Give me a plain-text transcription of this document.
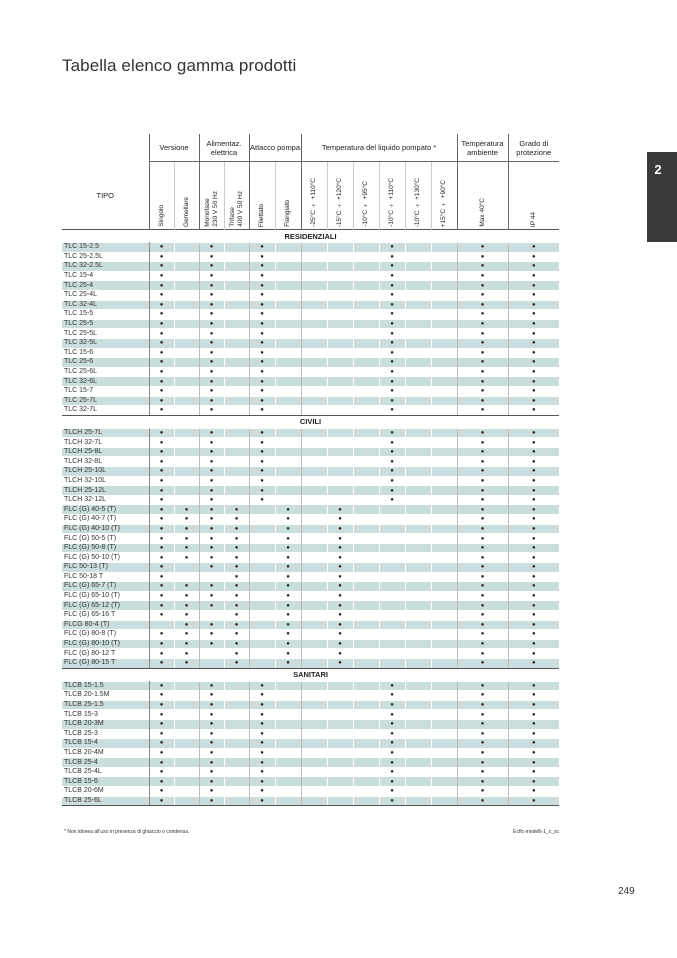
Tabella elenco gamma prodotti
2
	Versione		Alimentaz. elettrica		Attacco pompa		Temperatura del liquido pompato *						Temperatura ambiente	Grado di protezione
TIPO	Singolo	Gemellare	Monofase
230 V 50 Hz	Trifase
400 V 50 Hz	Filettato	Flangiato	-25°C ÷ +110°C	-15°C ÷ +120°C	-10°C ÷ +95°C	-10°C ÷ +110°C	-10°C ÷ +130°C	+15°C ÷ +90°C	Max 40°C	IP 44

RESIDENZIALI														
TLC 15-2.5	●		●		●					●			●	●
TLC 25-2.5L	●		●		●					●			●	●
TLC 32-2.5L	●		●		●					●			●	●
TLC 15-4	●		●		●					●			●	●
TLC 25-4	●		●		●					●			●	●
TLC 25-4L	●		●		●					●			●	●
TLC 32-4L	●		●		●					●			●	●
TLC 15-5	●		●		●					●			●	●
TLC 25-5	●		●		●					●			●	●
TLC 25-5L	●		●		●					●			●	●
TLC 32-5L	●		●		●					●			●	●
TLC 15-6	●		●		●					●			●	●
TLC 25-6	●		●		●					●			●	●
TLC 25-6L	●		●		●					●			●	●
TLC 32-6L	●		●		●					●			●	●
TLC 15-7	●		●		●					●			●	●
TLC 25-7L	●		●		●					●			●	●
TLC 32-7L	●		●		●					●			●	●
CIVILI														
TLCH 25-7L	●		●		●					●			●	●
TLCH 32-7L	●		●		●					●			●	●
TLCH 25-8L	●		●		●					●			●	●
TLCH 32-8L	●		●		●					●			●	●
TLCH 25-10L	●		●		●					●			●	●
TLCH 32-10L	●		●		●					●			●	●
TLCH 25-12L	●		●		●					●			●	●
TLCH 32-12L	●		●		●					●			●	●
FLC (G) 40-5 (T)	●	●	●	●		●		●					●	●
FLC (G) 40-7 (T)	●	●	●	●		●		●					●	●
FLC (G) 40-10 (T)	●	●	●	●		●		●					●	●
FLC (G) 50-5 (T)	●	●	●	●		●		●					●	●
FLC (G) 50-8 (T)	●	●	●	●		●		●					●	●
FLC (G) 50-10 (T)	●	●	●	●		●		●					●	●
FLC 50-13 (T)	●		●	●		●		●					●	●
FLC 50-18 T	●			●		●		●					●	●
FLC (G) 65-7 (T)	●	●	●	●		●		●					●	●
FLC (G) 65-10 (T)	●	●	●	●		●		●					●	●
FLC (G) 65-12 (T)	●	●	●	●		●		●					●	●
FLC (G) 65-16 T	●	●		●		●		●					●	●
FLCG 80-4 (T)		●	●	●		●		●					●	●
FLC (G) 80-8 (T)	●	●	●	●		●		●					●	●
FLC (G) 80-10 (T)	●	●	●	●		●		●					●	●
FLC (G) 80-12 T	●	●		●		●		●					●	●
FLC (G) 80-15 T	●	●		●		●		●					●	●
SANITARI														
TLCB 15-1.5	●		●		●					●			●	●
TLCB 20-1.5M	●		●		●					●			●	●
TLCB 25-1.5	●		●		●					●			●	●
TLCB 15-3	●		●		●					●			●	●
TLCB 20-3M	●		●		●					●			●	●
TLCB 25-3	●		●		●					●			●	●
TLCB 15-4	●		●		●					●			●	●
TLCB 20-4M	●		●		●					●			●	●
TLCB 25-4	●		●		●					●			●	●
TLCB 25-4L	●		●		●					●			●	●
TLCB 15-6	●		●		●					●			●	●
TLCB 20-6M	●		●		●					●			●	●
TLCB 25-6L	●		●		●					●			●	●
* Non idonea all’uso in presenza di ghiaccio o condensa.	Ecflc-modelli-1_c_sc
249
